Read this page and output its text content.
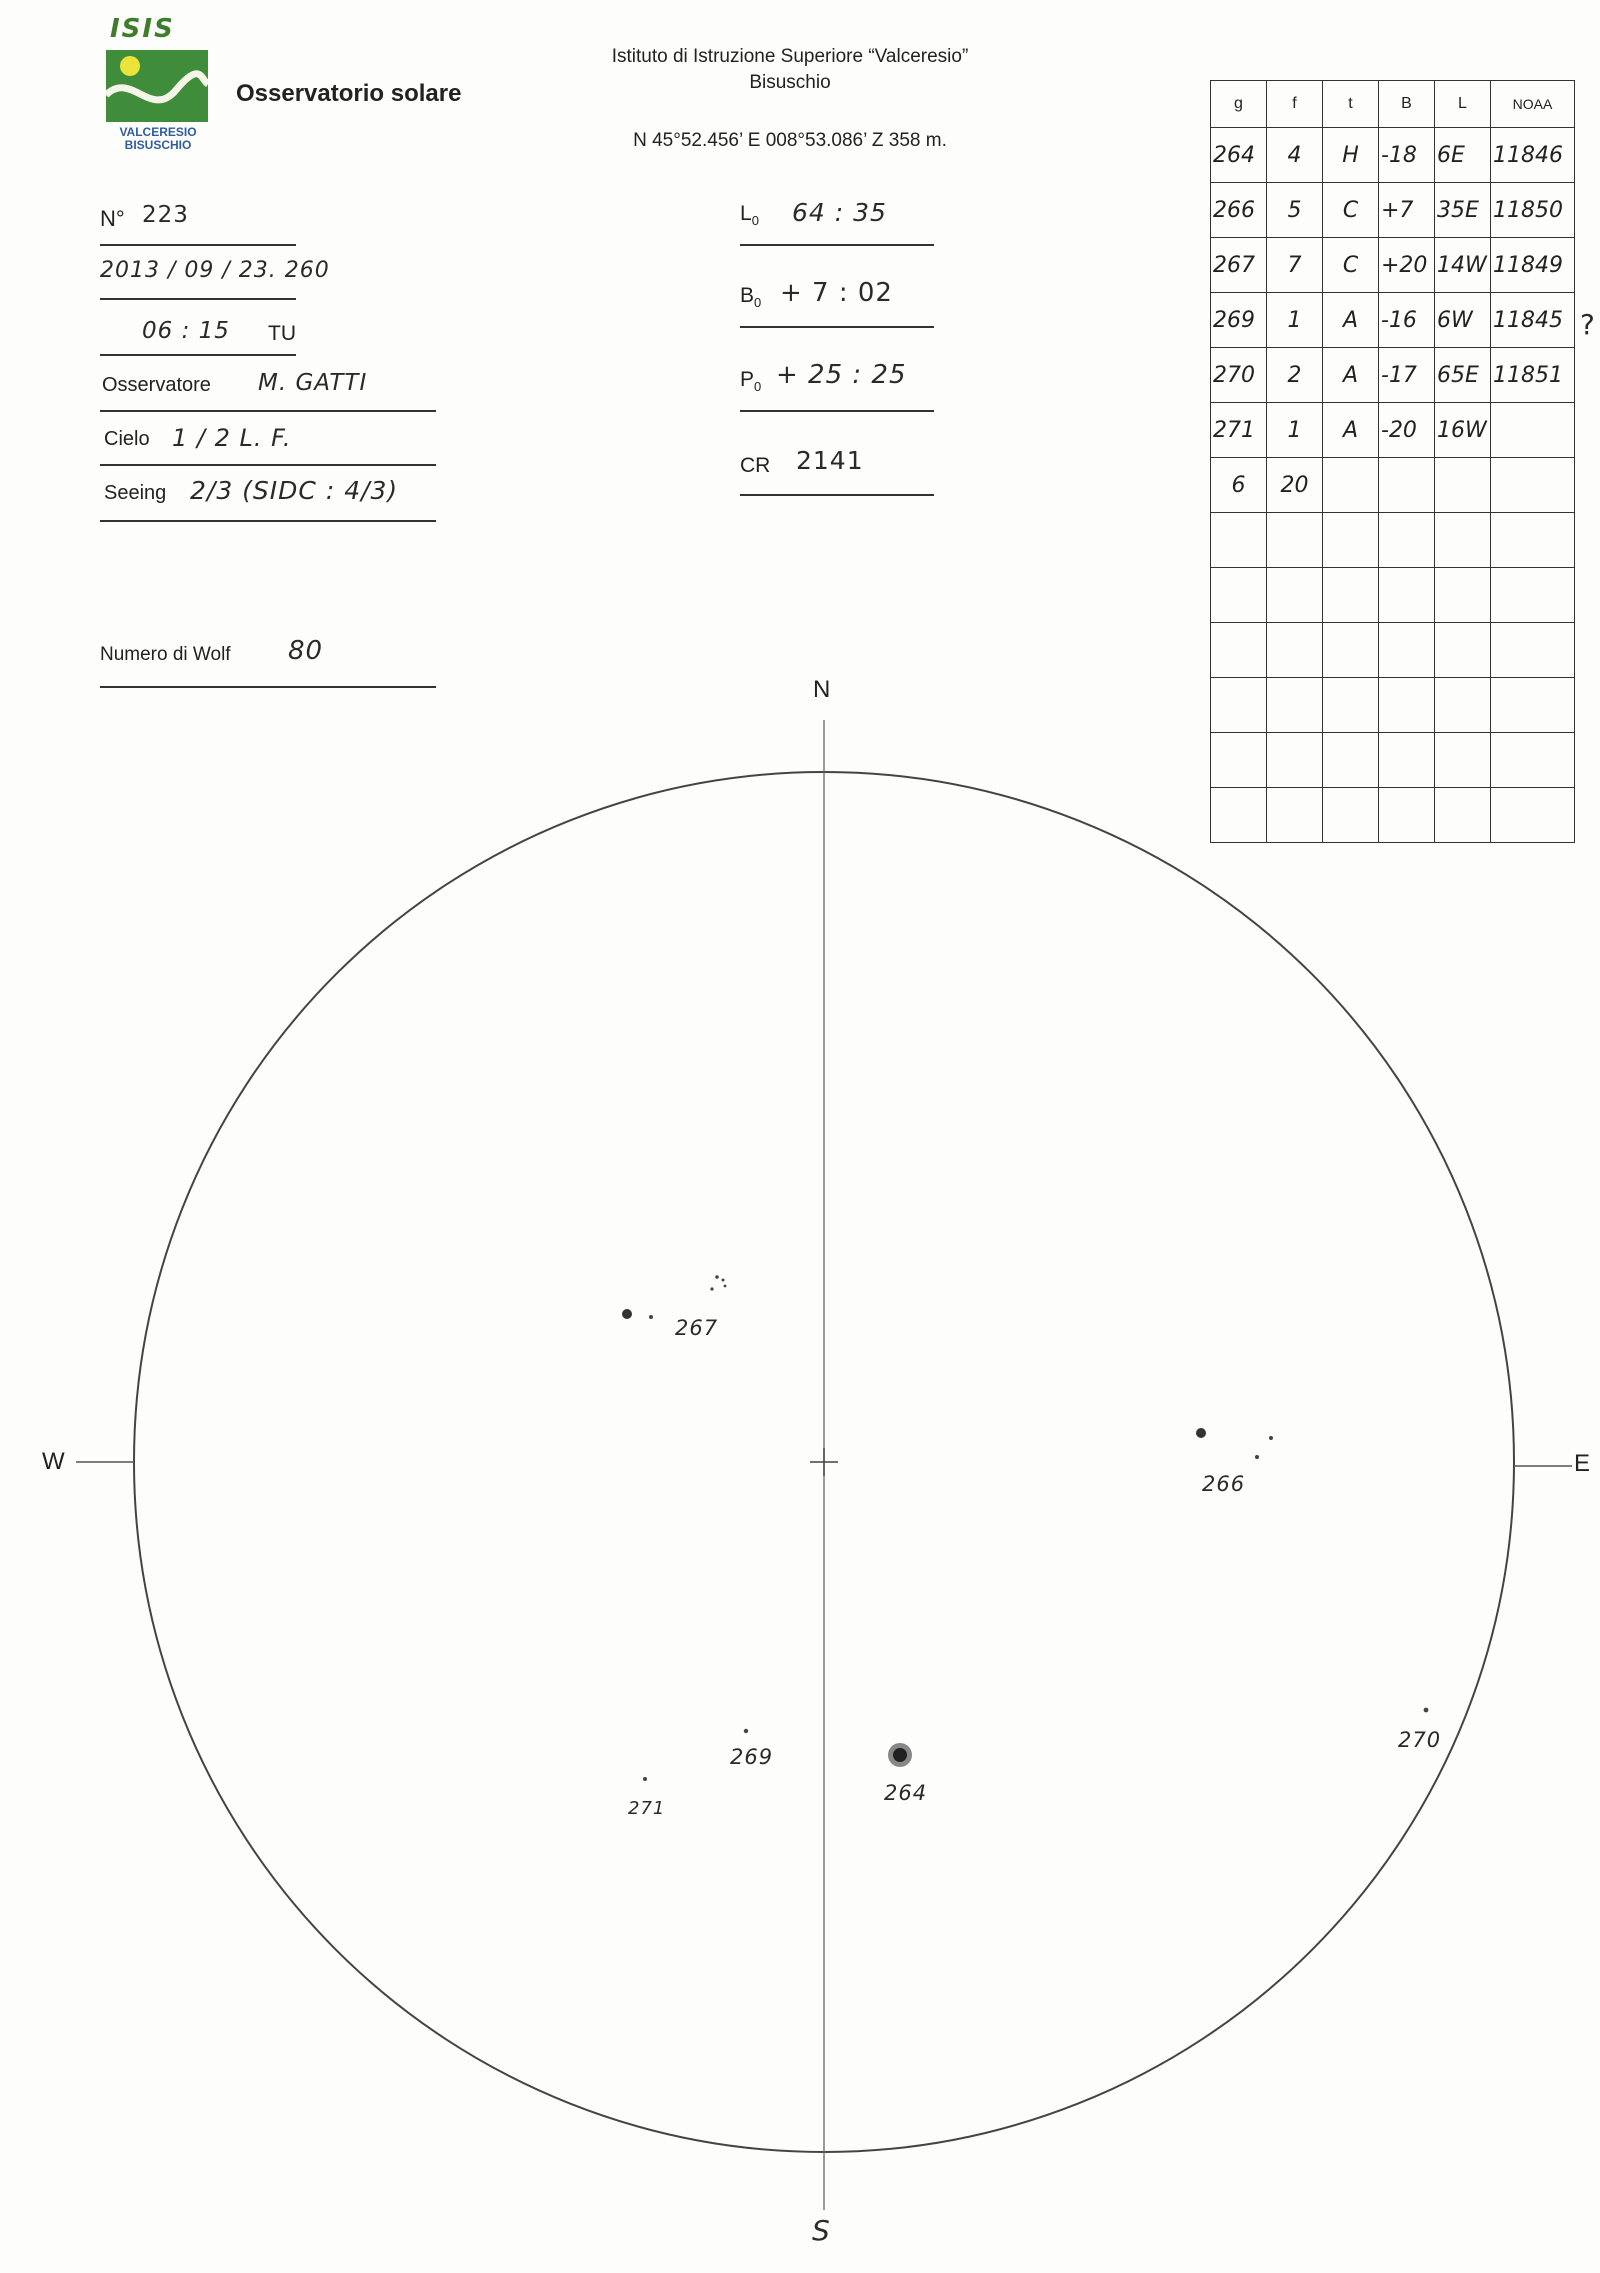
ISIS
VALCERESIO
BISUSCHIO
Osservatorio solare
Istituto di Istruzione Superiore “Valceresio”
Bisuschio
N 45°52.456’ E 008°53.086’ Z 358 m.
N° 223
2013 / 09 / 23. 260
06 : 15 TU
Osservatore M. GATTI
Cielo 1 / 2 L. F.
Seeing 2/3 (SIDC : 4/3)
Numero di Wolf 80
$L_0$ 64 : 35
$B_0 + 7$ : 02
$P_0 + 25$ : 25
CR 2141
g	f	t	B	L	NOAA
264	4	H	-18	6E	11846
266	5	C	+7	35E	11850
267	7	C	+20	14W	11849
269	1	A	-16	6W	11845
270	2	A	-17	65E	11851
271	1	A	-20	16W	
6	20				

?
N
S
W	E
267
266
269
264
271
270
